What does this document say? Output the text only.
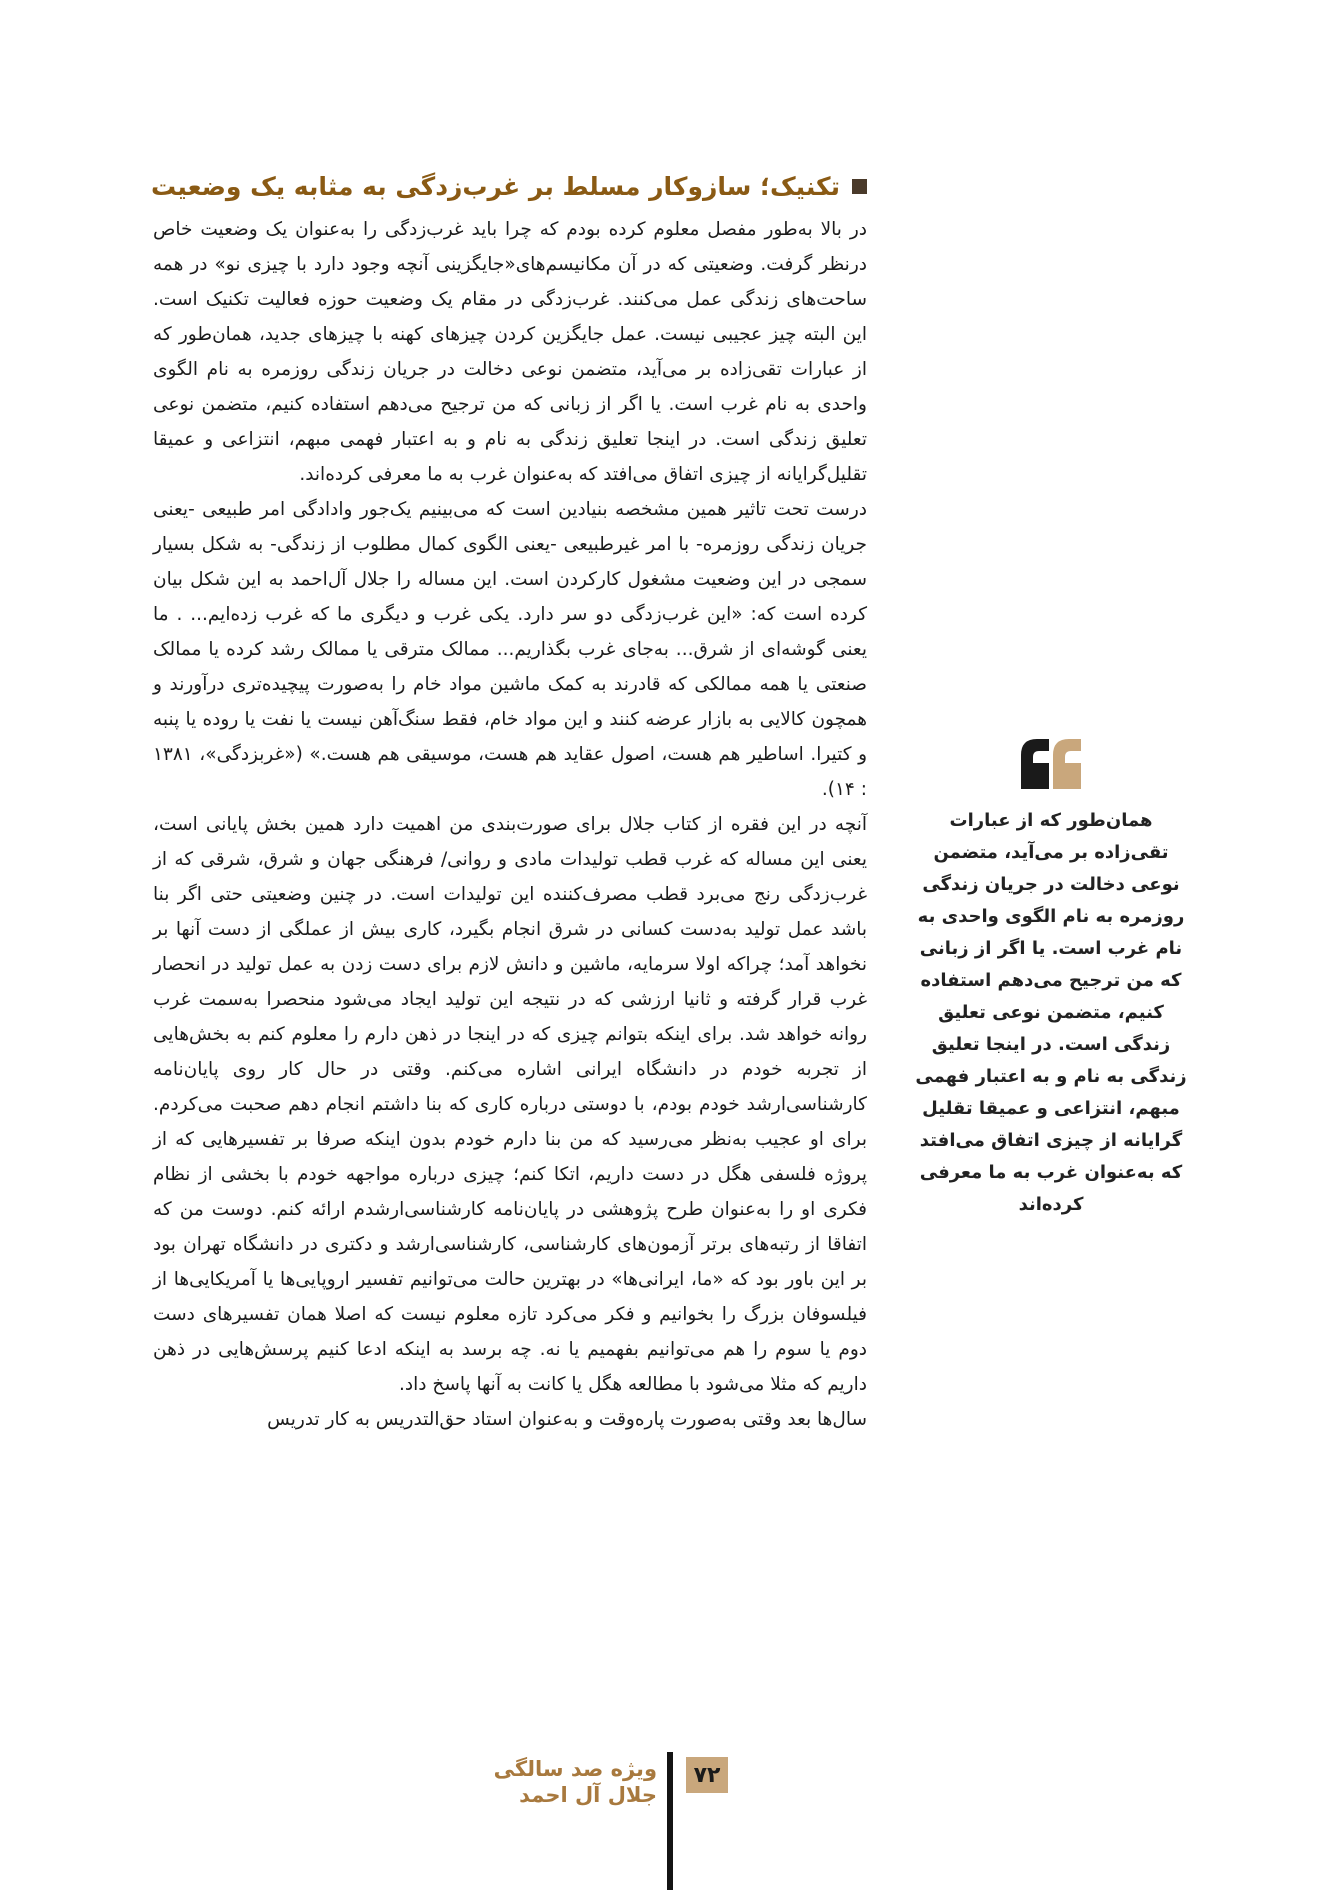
تکنیک؛ سازوکار مسلط بر غرب‌زدگی به مثابه یک وضعیت

در بالا به‌طور مفصل معلوم کرده بودم که چرا باید غرب‌زدگی را به‌عنوان یک وضعیت خاص درنظر گرفت. وضعیتی که در آن مکانیسم‌های«جایگزینی آنچه وجود دارد با چیزی نو» در همه ساحت‌های زندگی عمل می‌کنند. غرب‌زدگی در مقام یک وضعیت حوزه فعالیت تکنیک است. این البته چیز عجیبی نیست. عمل جایگزین کردن چیزهای کهنه با چیزهای جدید، همان‌طور که از عبارات تقی‌زاده بر می‌آید، متضمن نوعی دخالت در جریان زندگی روزمره به نام الگوی واحدی به نام غرب است. یا اگر از زبانی که من ترجیح می‌دهم استفاده کنیم، متضمن نوعی تعلیق زندگی است. در اینجا تعلیق زندگی به نام و به اعتبار فهمی مبهم، انتزاعی و عمیقا تقلیل‌گرایانه از چیزی اتفاق می‌افتد که به‌عنوان غرب به ما معرفی کرده‌اند.

درست تحت تاثیر همین مشخصه بنیادین است که می‌بینیم یک‌جور وادادگی امر طبیعی -یعنی جریان زندگی روزمره- با امر غیرطبیعی -یعنی الگوی کمال مطلوب از زندگی- به شکل بسیار سمجی در این وضعیت مشغول کارکردن است. این مساله را جلال آل‌احمد به این شکل بیان کرده است که: «این غرب‌زدگی دو سر دارد. یکی غرب و دیگری ما که غرب زده‌ایم... . ما یعنی گوشه‌ای از شرق... به‌جای غرب بگذاریم... ممالک مترقی یا ممالک رشد کرده یا ممالک صنعتی یا همه ممالکی که قادرند به کمک ماشین مواد خام را به‌صورت پیچیده‌تری درآورند و همچون کالایی به بازار عرضه کنند و این مواد خام، فقط سنگ‌آهن نیست یا نفت یا روده یا پنبه و کتیرا. اساطیر هم هست، اصول عقاید هم هست، موسیقی هم هست.» («غربزدگی»، ۱۳۸۱ : ۱۴).

آنچه در این فقره از کتاب جلال برای صورت‌بندی من اهمیت دارد همین بخش پایانی است، یعنی این مساله که غرب قطب تولیدات مادی و روانی/ فرهنگی جهان و شرق، شرقی که از غرب‌زدگی رنج می‌برد قطب مصرف‌کننده این تولیدات است. در چنین وضعیتی حتی اگر بنا باشد عمل تولید به‌دست کسانی در شرق انجام بگیرد، کاری بیش از عملگی از دست آنها بر نخواهد آمد؛ چراکه اولا سرمایه، ماشین و دانش لازم برای دست زدن به عمل تولید در انحصار غرب قرار گرفته و ثانیا ارزشی که در نتیجه این تولید ایجاد می‌شود منحصرا به‌سمت غرب روانه خواهد شد. برای اینکه بتوانم چیزی که در اینجا در ذهن دارم را معلوم کنم به بخش‌هایی از تجربه خودم در دانشگاه ایرانی اشاره می‌کنم. وقتی در حال کار روی پایان‌نامه کارشناسی‌ارشد خودم بودم، با دوستی درباره کاری که بنا داشتم انجام دهم صحبت می‌کردم. برای او عجیب به‌نظر می‌رسید که من بنا دارم خودم بدون اینکه صرفا بر تفسیرهایی که از پروژه فلسفی هگل در دست داریم، اتکا کنم؛ چیزی درباره مواجهه خودم با بخشی از نظام فکری او را به‌عنوان طرح پژوهشی در پایان‌نامه کارشناسی‌ارشدم ارائه کنم. دوست من که اتفاقا از رتبه‌های برتر آزمون‌های کارشناسی، کارشناسی‌ارشد و دکتری در دانشگاه تهران بود بر این باور بود که «ما، ایرانی‌ها» در بهترین حالت می‌توانیم تفسیر اروپایی‌ها یا آمریکایی‌ها از فیلسوفان بزرگ را بخوانیم و فکر می‌کرد تازه معلوم نیست که اصلا همان تفسیرهای دست دوم یا سوم را هم می‌توانیم بفهمیم یا نه. چه برسد به اینکه ادعا کنیم پرسش‌هایی در ذهن داریم که مثلا می‌شود با مطالعه هگل یا کانت به آنها پاسخ داد.

سال‌ها بعد وقتی به‌صورت پاره‌وقت و به‌عنوان استاد حق‌التدریس به کار تدریس

همان‌طور که از عبارات تقی‌زاده بر می‌آید، متضمن نوعی دخالت در جریان زندگی روزمره به نام الگوی واحدی به نام غرب است. یا اگر از زبانی که من ترجیح می‌دهم استفاده کنیم، متضمن نوعی تعلیق زندگی است. در اینجا تعلیق زندگی به نام و به اعتبار فهمی مبهم، انتزاعی و عمیقا تقلیل گرایانه از چیزی اتفاق می‌افتد که به‌عنوان غرب به ما معرفی کرده‌اند

۷۲
ویژه صد سالگی
جلال آل احمد
